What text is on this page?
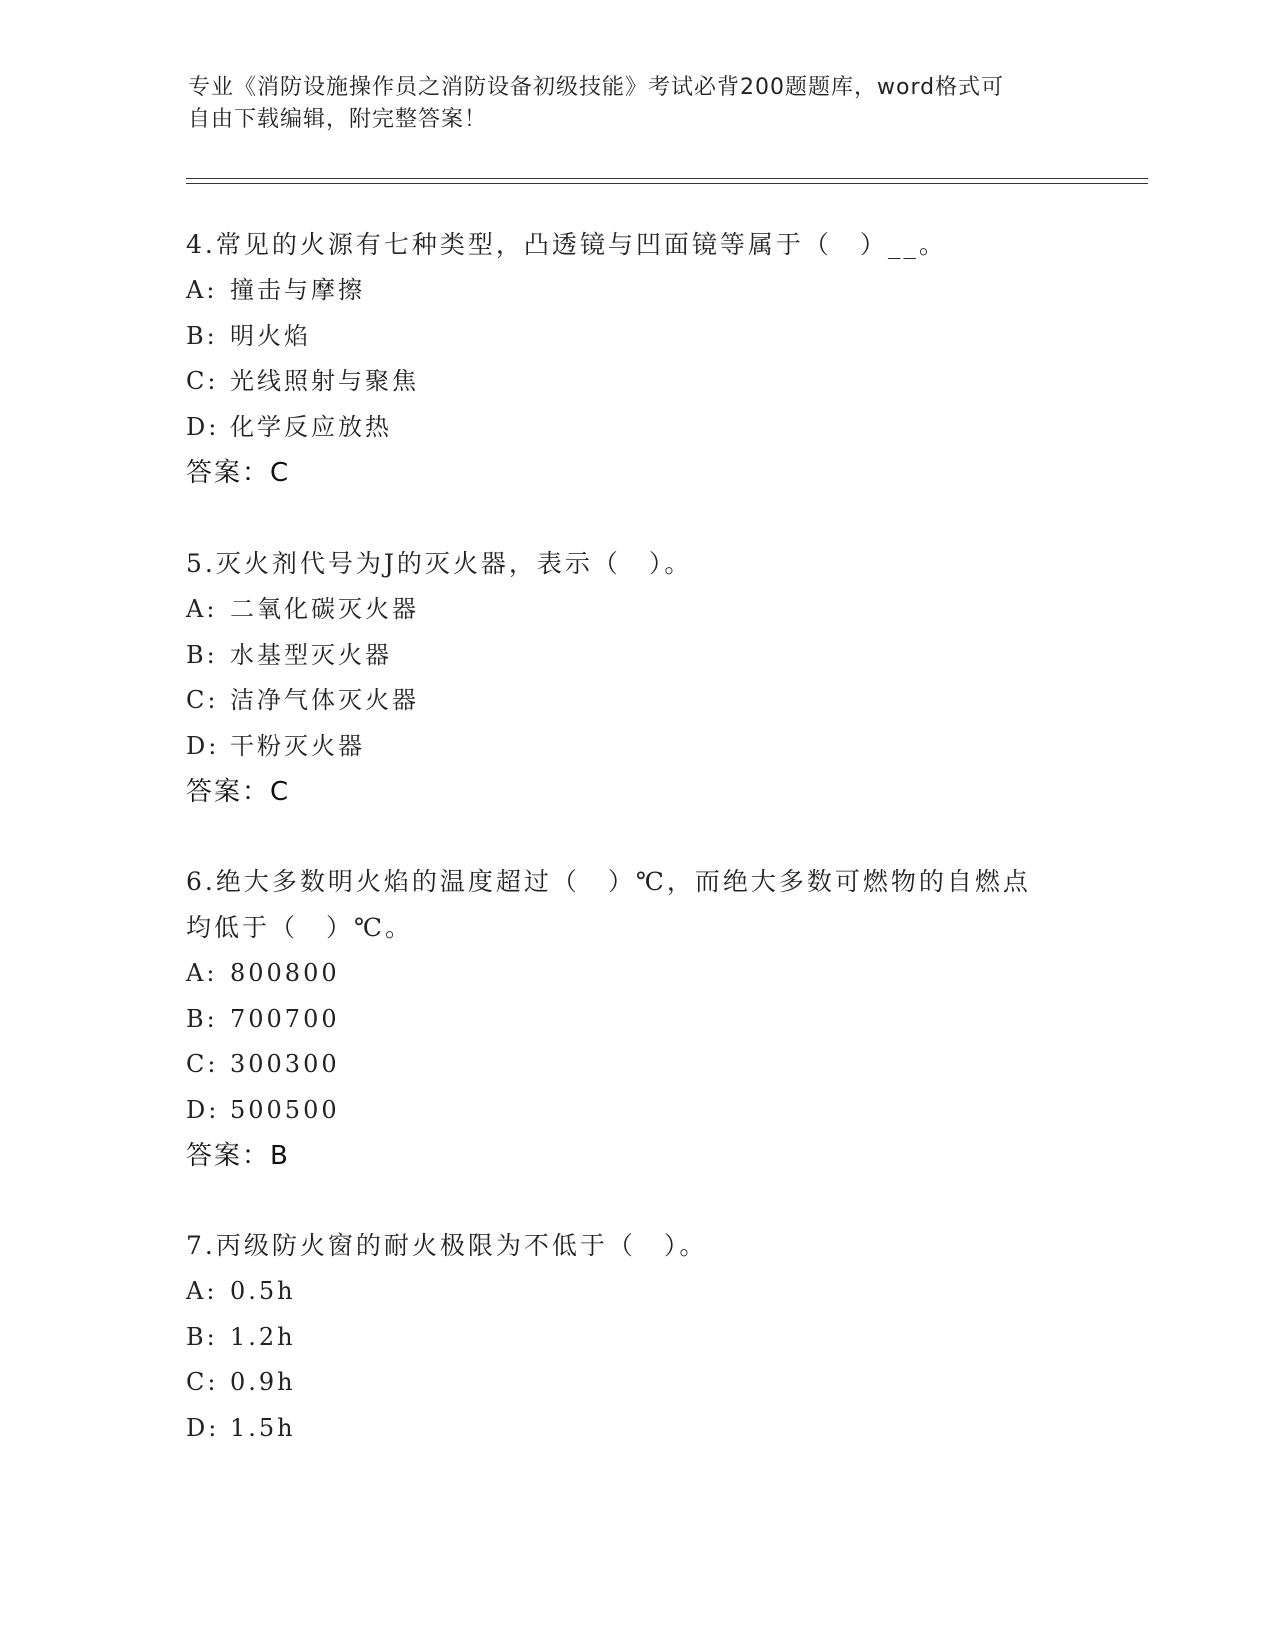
专业《消防设施操作员之消防设备初级技能》考试必背200题题库，word格式可
自由下载编辑，附完整答案！

4.常见的火源有七种类型，凸透镜与凹面镜等属于（　）__。

A: 撞击与摩擦
B: 明火焰
C: 光线照射与聚焦
D: 化学反应放热
答案：C

5.灭火剂代号为J的灭火器，表示（　）。

A: 二氧化碳灭火器
B: 水基型灭火器
C: 洁净气体灭火器
D: 干粉灭火器
答案：C

6.绝大多数明火焰的温度超过（　）℃，而绝大多数可燃物的自燃点

均低于（　）℃。

A: 800800
B: 700700
C: 300300
D: 500500
答案：B

7.丙级防火窗的耐火极限为不低于（　）。

A: 0.5h
B: 1.2h
C: 0.9h
D: 1.5h
